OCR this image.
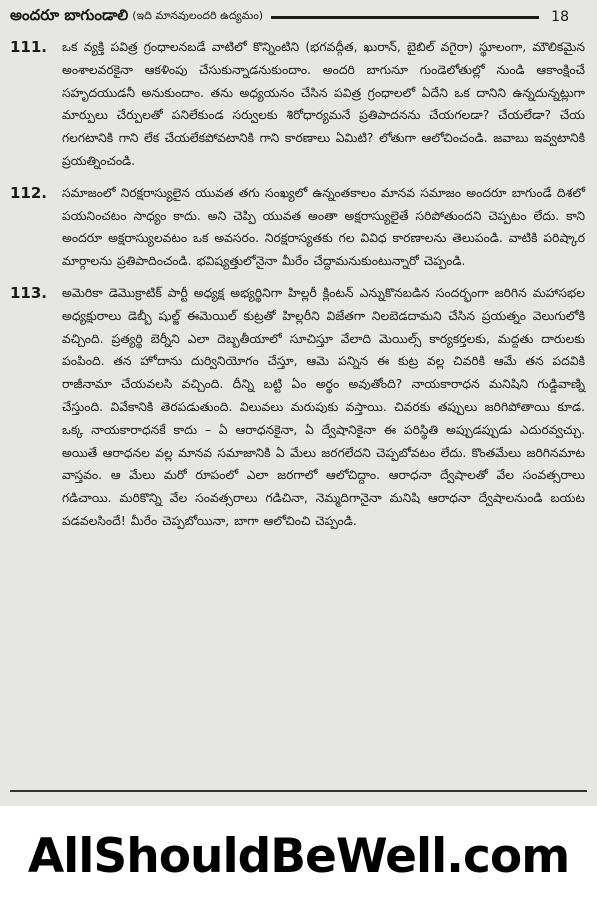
అందరూ బాగుండాలి (ఇది మానవులందరి ఉద్యమం)	18
111.	ఒక వ్యక్తి పవిత్ర గ్రంధాలనబడే వాటిలో కొన్నింటిని (భగవద్గీత, ఖురాన్, బైబిల్ వగైరా) స్థూలంగా, మౌలికమైన అంశాలవరకైనా ఆకళింపు చేసుకున్నాడనుకుందాం. అందరి బాగునూ గుండెలోతుల్లో నుండి ఆకాంక్షించే సహృదయుడనీ అనుకుందాం. తను అధ్యయనం చేసిన పవిత్ర గ్రంధాలలో ఏదేని ఒక దానిని ఉన్నదున్నట్లుగా మార్పులు చేర్పులతో పనిలేకుండ సర్వులకు శిరోధార్యమనే ప్రతిపాదనను చేయగలడా? చేయలేడా? చేయ గలగటానికి గాని లేక చేయలేకపోవటానికి గాని కారణాలు ఏమిటి? లోతుగా ఆలోచించండి. జవాబు ఇవ్వటానికి ప్రయత్నించండి.
112.	సమాజంలో నిరక్షరాస్యులైన యువత తగు సంఖ్యలో ఉన్నంతకాలం మానవ సమాజం అందరూ బాగుండే దిశలో పయనించటం సాధ్యం కాదు. అని చెప్పి యువత అంతా అక్షరాస్యులైతే సరిపోతుందని చెప్పటం లేదు. కాని అందరూ అక్షరాస్యులవటం ఒక అవసరం. నిరక్షరాస్యతకు గల వివిధ కారణాలను తెలుపండి. వాటికి పరిష్కార మార్గాలను ప్రతిపాదించండి. భవిష్యత్తులోనైనా మీరేం చేద్దామనుకుంటున్నారో చెప్పండి.
113.	అమెరికా డెమొక్రాటిక్ పార్టీ అధ్యక్ష అభ్యర్థినిగా హిల్లరీ క్లింటన్ ఎన్నుకొనబడిన సందర్భంగా జరిగిన మహాసభల అధ్యక్షురాలు డెబ్బీ షుల్జ్ ఈమెయిల్ కుట్రతో హిల్లరీని విజేతగా నిలబెడదామని చేసిన ప్రయత్నం వెలుగులోకి వచ్చింది. ప్రత్యర్థి బెర్నీని ఎలా దెబ్బతీయాలో సూచిస్తూ వేలాది మెయిల్స్ కార్యకర్తలకు, మద్దతు దారులకు పంపింది. తన హోదాను దుర్వినియోగం చేస్తూ, ఆమె పన్నిన ఈ కుట్ర వల్ల చివరికి ఆమే తన పదవికి రాజీనామా చేయవలసి వచ్చింది. దీన్ని బట్టి ఏం అర్థం అవుతోంది? నాయకారాధన మనిషిని గుడ్డివాణ్ని చేస్తుంది. వివేకానికి తెరపడుతుంది. విలువలు మరుపుకు వస్తాయి. చివరకు తప్పులు జరిగిపోతాయి కూడ. ఒక్క నాయకారాధనకే కాదు – ఏ ఆరాధనకైనా, ఏ ద్వేషానికైనా ఈ పరిస్థితి అప్పుడప్పుడు ఎదురవ్వచ్చు. అయితే ఆరాధనల వల్ల మానవ సమాజానికి ఏ మేలు జరగలేదని చెప్పబోవటం లేదు. కొంతమేలు జరిగినమాట వాస్తవం. ఆ మేలు మరో రూపంలో ఎలా జరగాలో ఆలోచిద్దాం. ఆరాధనా ద్వేషాలతో వేల సంవత్సరాలు గడిచాయి. మరికొన్ని వేల సంవత్సరాలు గడిచినా, నెమ్మదిగానైనా మనిషి ఆరాధనా ద్వేషాలనుండి బయట పడవలసిందే! మీరేం చెప్పబోయినా, బాగా ఆలోచించి చెప్పండి.
AllShouldBeWell.com
